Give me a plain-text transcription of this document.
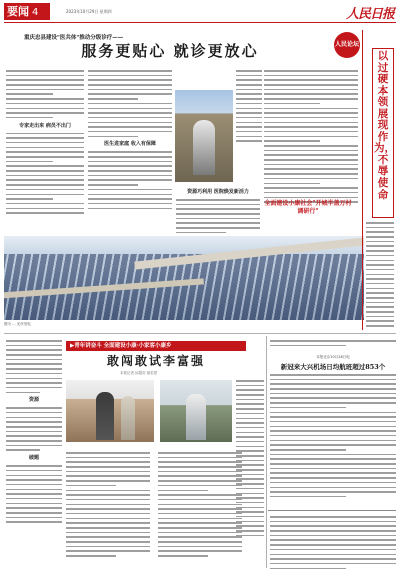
要闻 4	2023年10月29日 星期四	人民日报
重庆忠县建设"医共体"推动分级诊疗——
服务更贴心 就诊更放心
专家走出来 病员不出门
医生进家庭 收入有保障
资源巧利用 医院焕发新活力
全面建设小康社会"开城半盖万村调研行"
图为 … 光伏发电
人民论坛
以过硬本领展现作为，不辱使命
资源
破题
▶青年讲奋斗 全面建设小康·小家客小康乡
敢闯敢试李富强
本报记者 邱超奕 郁若思
本报北京10月28日电
新冠来大兴机场日均航班超过853个
